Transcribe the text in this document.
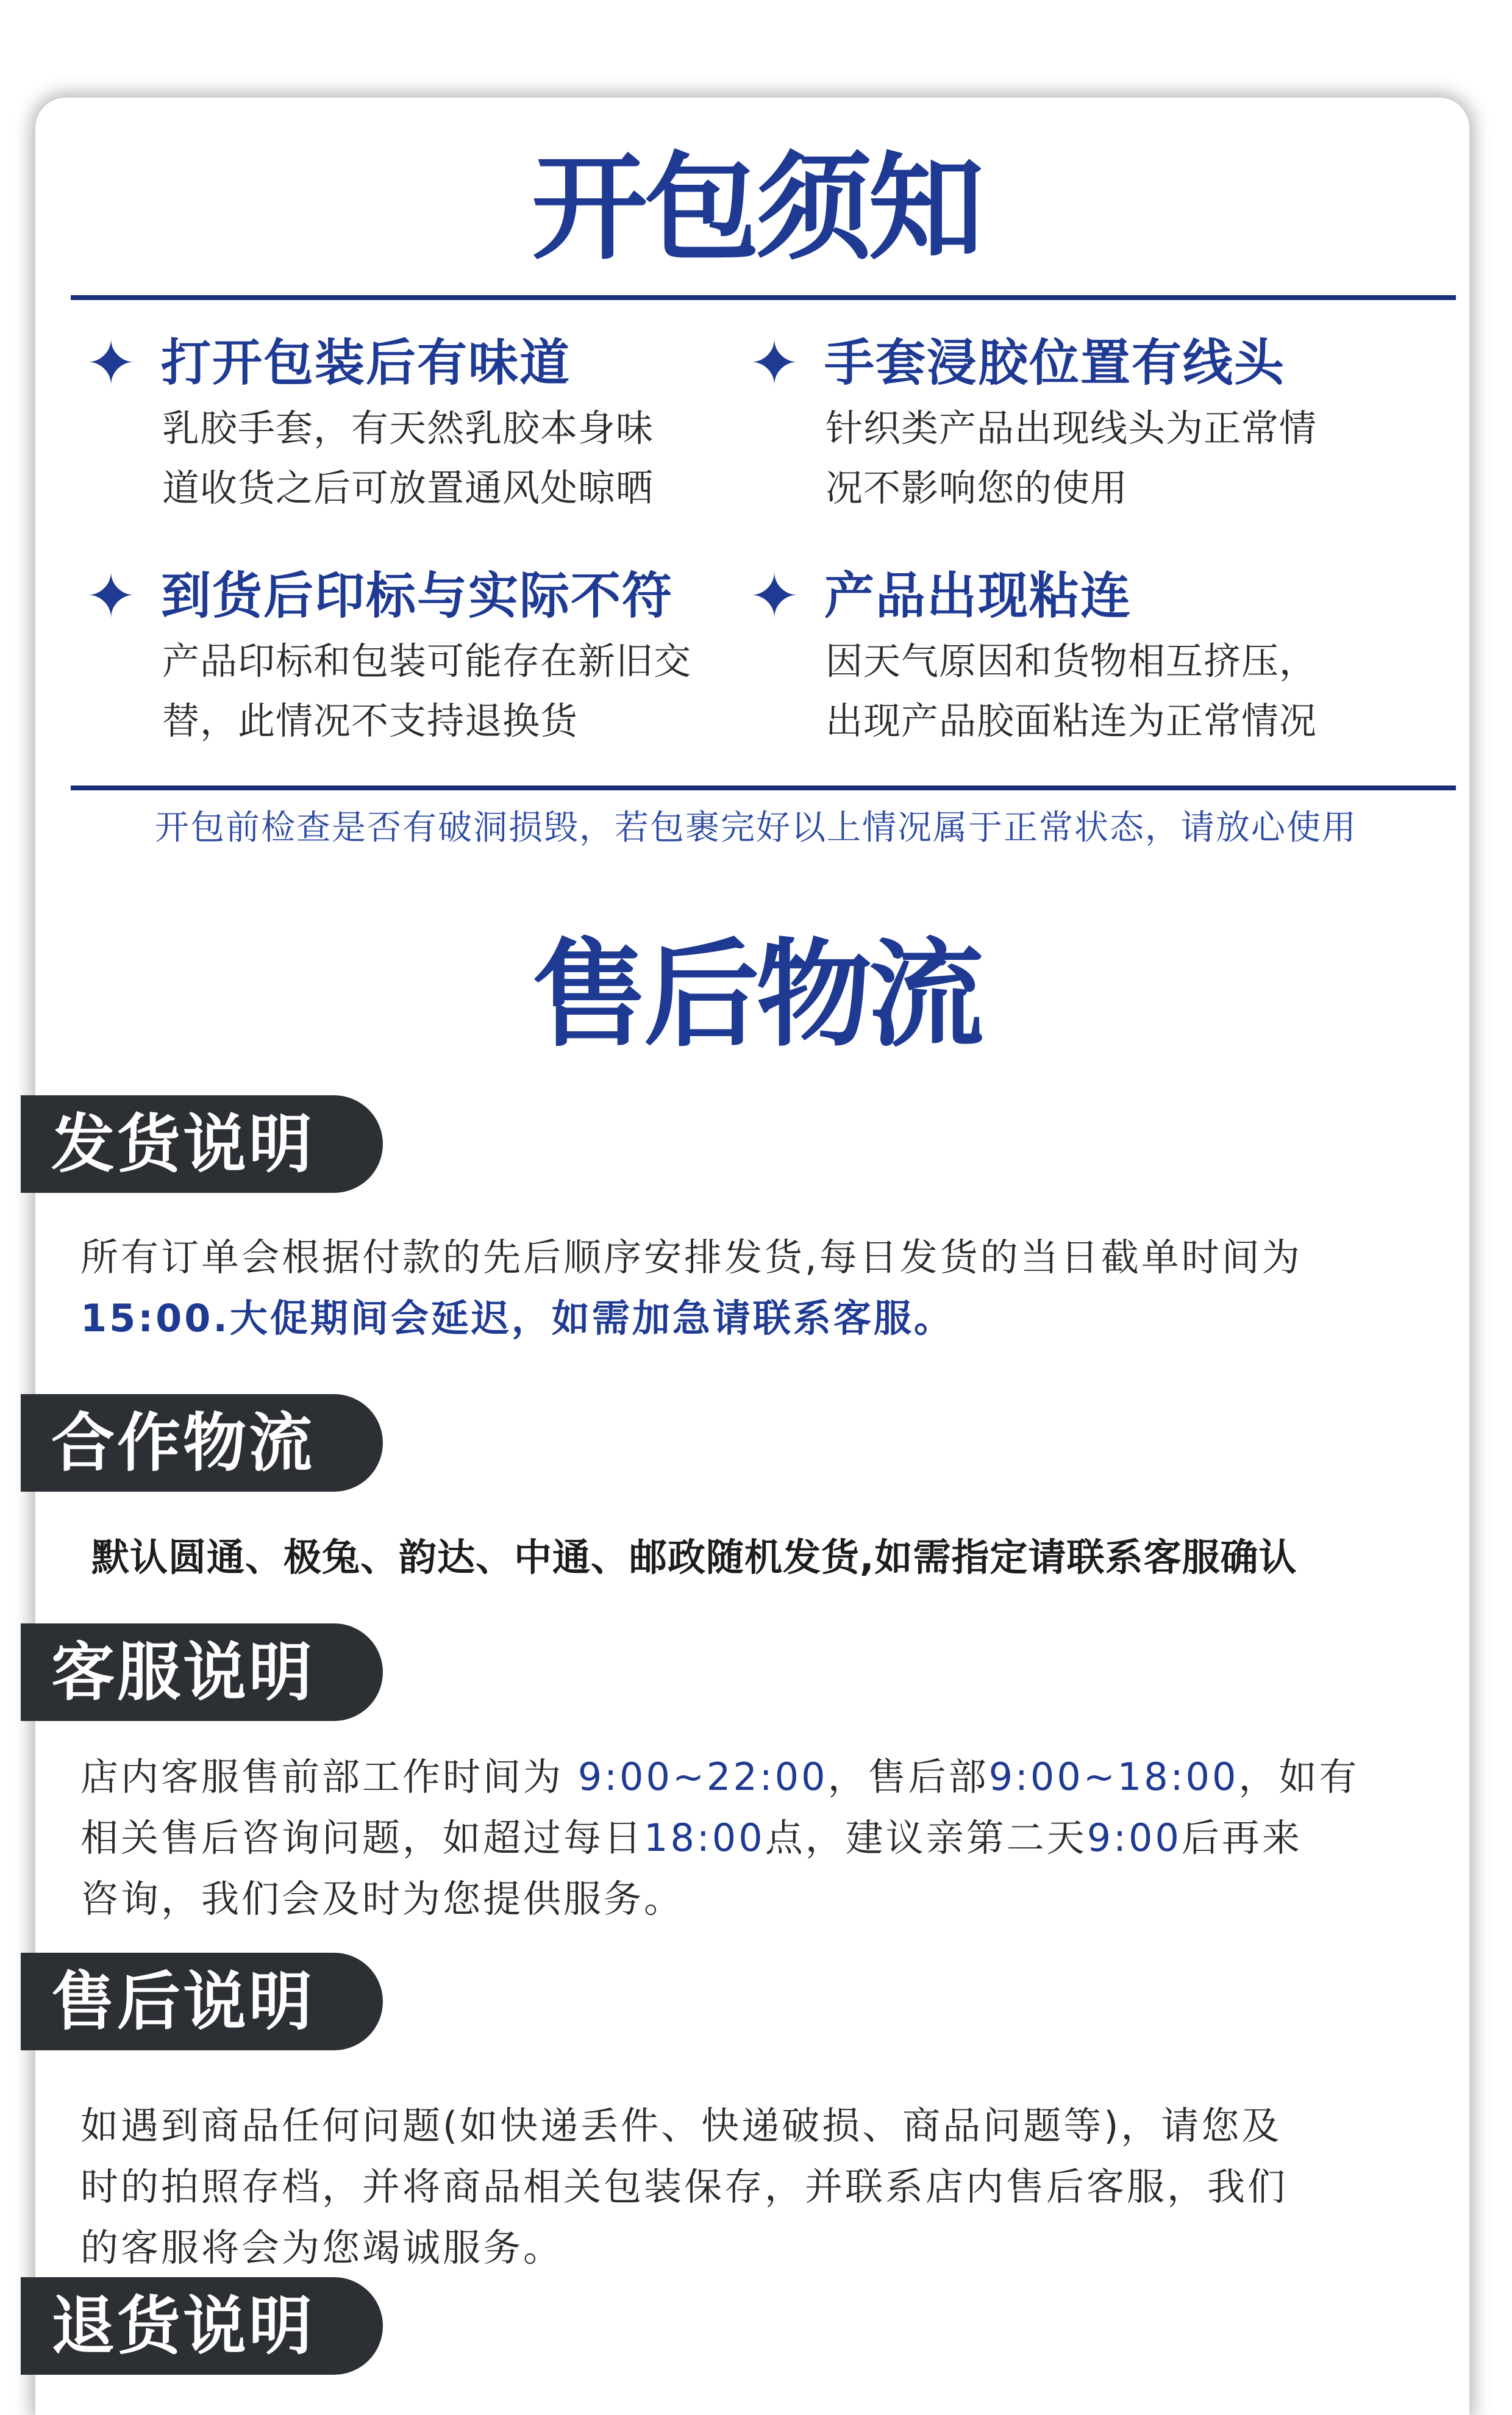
开包须知
✦ 打开包装后有味道
乳胶手套，有天然乳胶本身味
道收货之后可放置通风处晾晒
✦ 手套浸胶位置有线头
针织类产品出现线头为正常情
况不影响您的使用
✦ 到货后印标与实际不符
产品印标和包装可能存在新旧交
替，此情况不支持退换货
✦ 产品出现粘连
因天气原因和货物相互挤压，
出现产品胶面粘连为正常情况
开包前检查是否有破洞损毁，若包裹完好以上情况属于正常状态，请放心使用
售后物流
发货说明
所有订单会根据付款的先后顺序安排发货,每日发货的当日截单时间为
15:00.大促期间会延迟，如需加急请联系客服。
合作物流
默认圆通、极兔、韵达、中通、邮政随机发货,如需指定请联系客服确认
客服说明
店内客服售前部工作时间为 9:00~22:00，售后部9:00~18:00，如有
相关售后咨询问题，如超过每日18:00点，建议亲第二天9:00后再来
咨询，我们会及时为您提供服务。
售后说明
如遇到商品任何问题(如快递丢件、快递破损、商品问题等)，请您及
时的拍照存档，并将商品相关包装保存，并联系店内售后客服，我们
的客服将会为您竭诚服务。
退货说明
